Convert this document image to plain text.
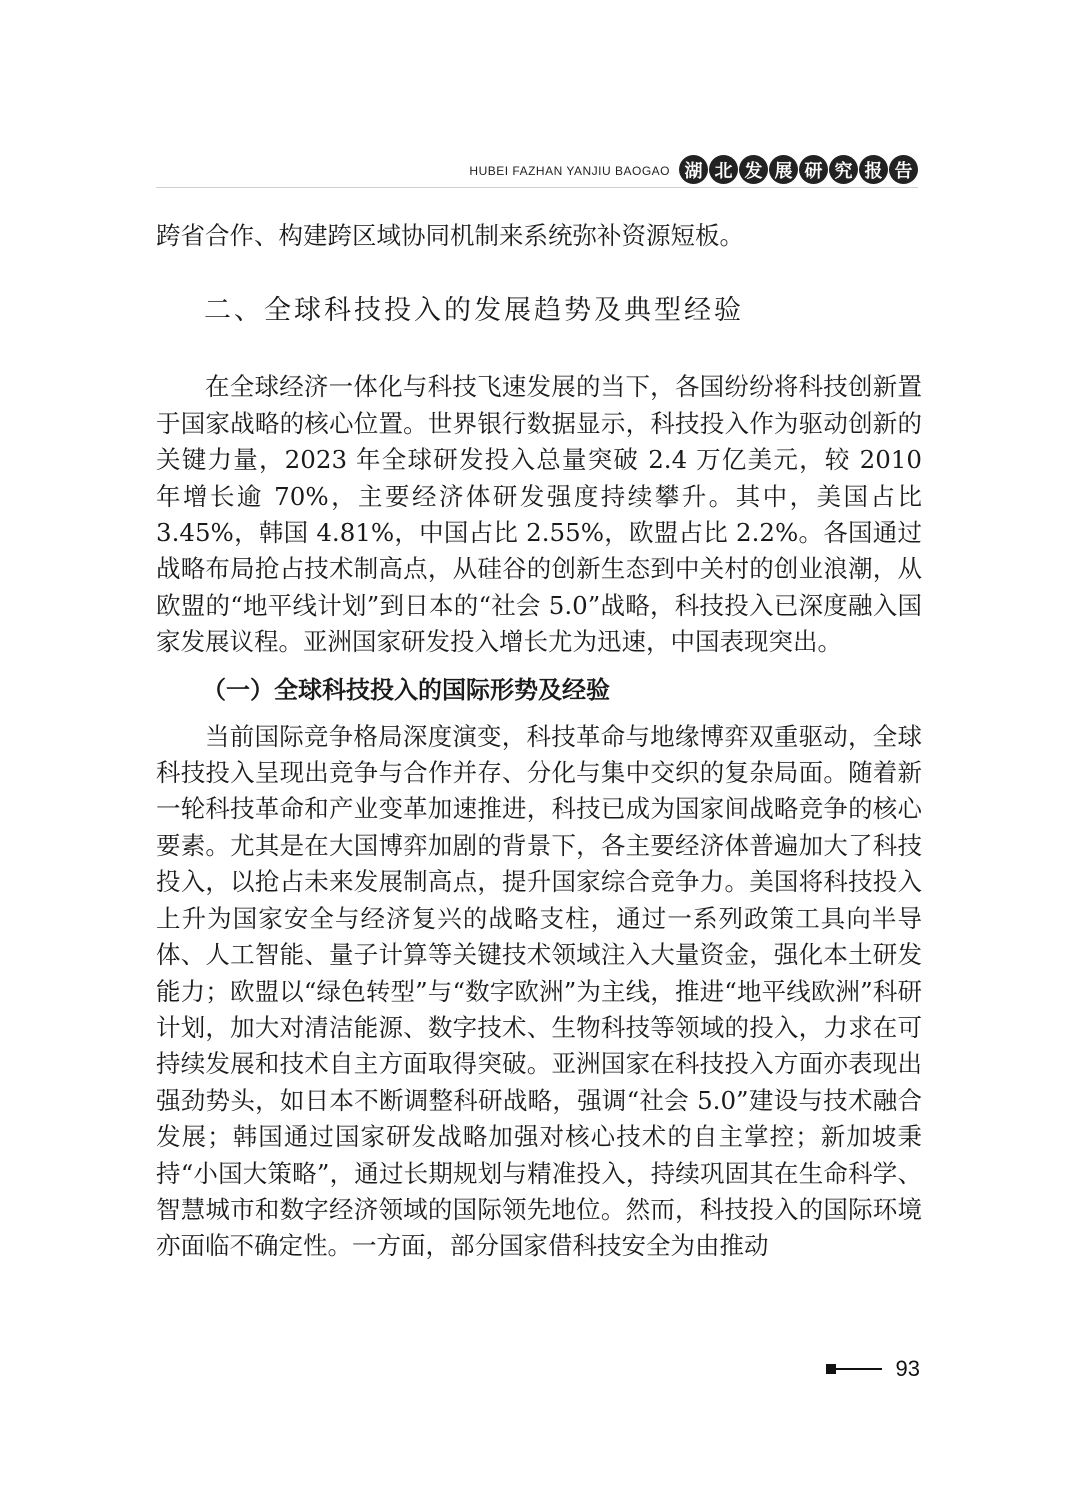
HUBEI FAZHAN YANJIU BAOGAO 湖 北 发 展 研 究 报 告

跨省合作、构建跨区域协同机制来系统弥补资源短板。

二、全球科技投入的发展趋势及典型经验

在全球经济一体化与科技飞速发展的当下，各国纷纷将科技创新置于国家战略的核心位置。世界银行数据显示，科技投入作为驱动创新的关键力量，2023 年全球研发投入总量突破 2.4 万亿美元，较 2010 年增长逾 70%，主要经济体研发强度持续攀升。其中，美国占比 3.45%，韩国 4.81%，中国占比 2.55%，欧盟占比 2.2%。各国通过战略布局抢占技术制高点，从硅谷的创新生态到中关村的创业浪潮，从欧盟的“地平线计划”到日本的“社会 5.0”战略，科技投入已深度融入国家发展议程。亚洲国家研发投入增长尤为迅速，中国表现突出。

（一）全球科技投入的国际形势及经验

当前国际竞争格局深度演变，科技革命与地缘博弈双重驱动，全球科技投入呈现出竞争与合作并存、分化与集中交织的复杂局面。随着新一轮科技革命和产业变革加速推进，科技已成为国家间战略竞争的核心要素。尤其是在大国博弈加剧的背景下，各主要经济体普遍加大了科技投入，以抢占未来发展制高点，提升国家综合竞争力。美国将科技投入上升为国家安全与经济复兴的战略支柱，通过一系列政策工具向半导体、人工智能、量子计算等关键技术领域注入大量资金，强化本土研发能力；欧盟以“绿色转型”与“数字欧洲”为主线，推进“地平线欧洲”科研计划，加大对清洁能源、数字技术、生物科技等领域的投入，力求在可持续发展和技术自主方面取得突破。亚洲国家在科技投入方面亦表现出强劲势头，如日本不断调整科研战略，强调“社会 5.0”建设与技术融合发展；韩国通过国家研发战略加强对核心技术的自主掌控；新加坡秉持“小国大策略”，通过长期规划与精准投入，持续巩固其在生命科学、智慧城市和数字经济领域的国际领先地位。然而，科技投入的国际环境亦面临不确定性。一方面，部分国家借科技安全为由推动

93
